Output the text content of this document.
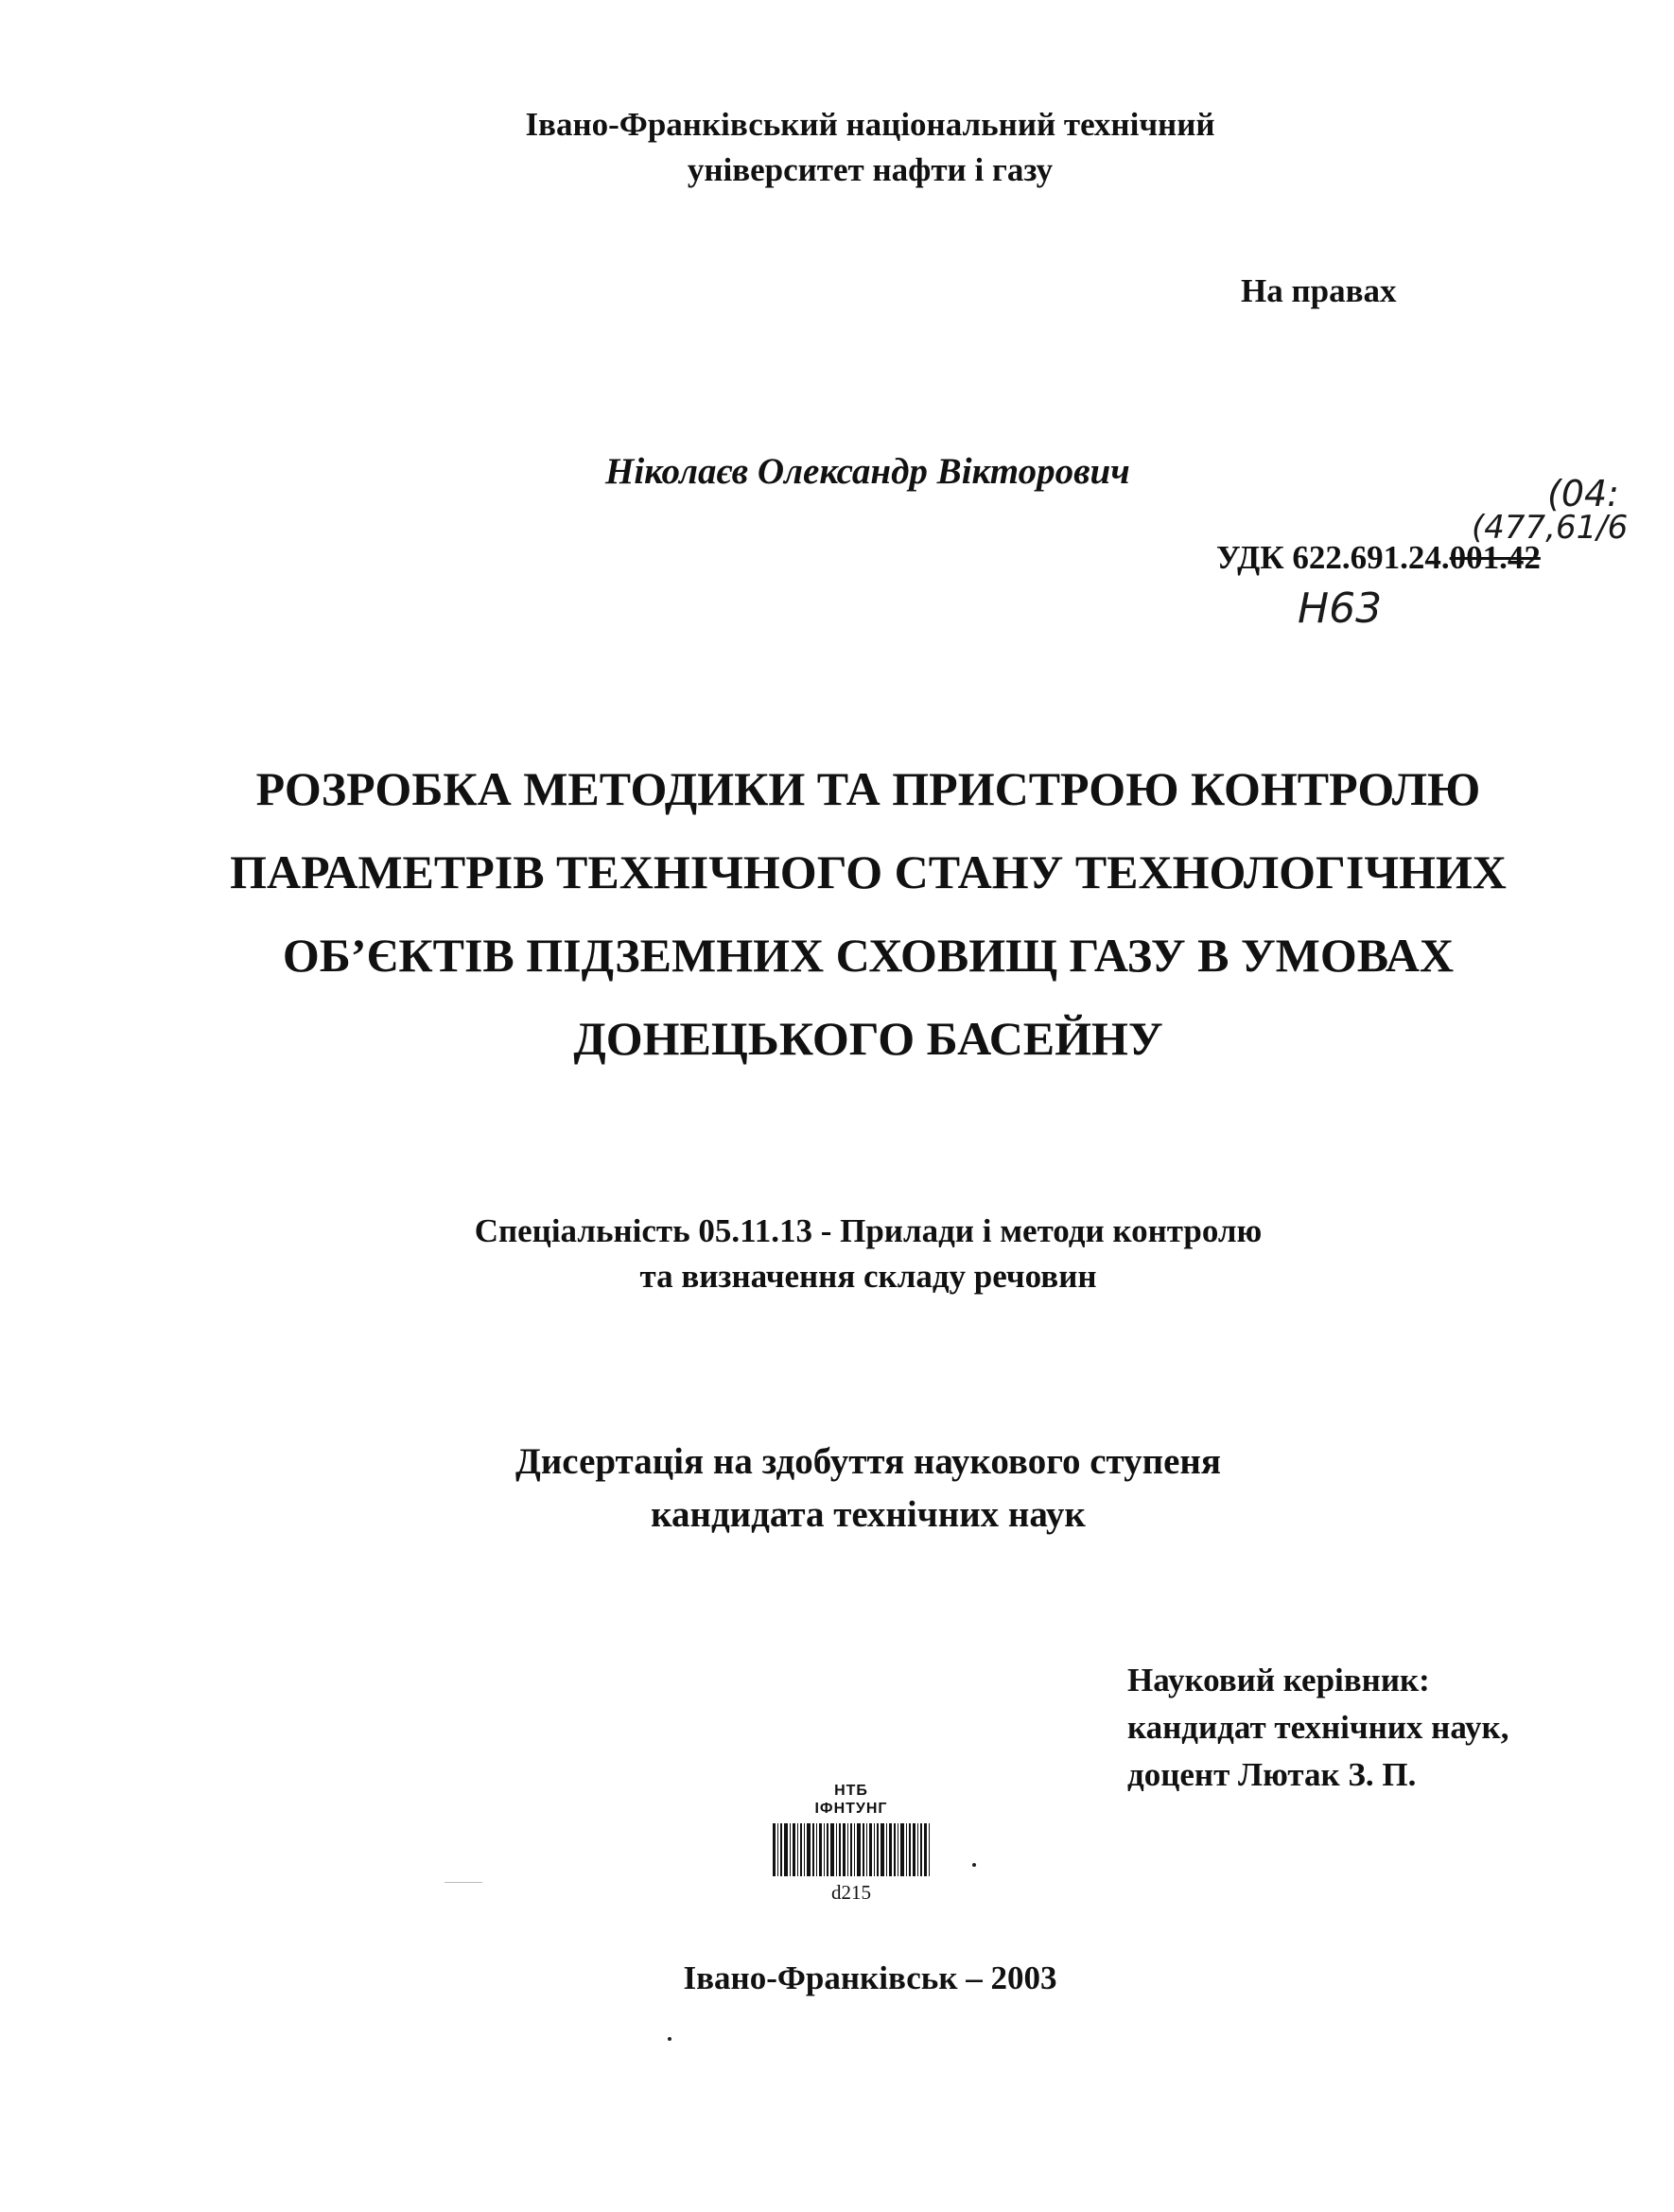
Івано-Франківський національний технічний
університет нафти і газу
На правах
Ніколаєв Олександр Вікторович
(04:
(477,61/6
УДК 622.691.24.001.42
Н63
РОЗРОБКА МЕТОДИКИ ТА ПРИСТРОЮ КОНТРОЛЮ
ПАРАМЕТРІВ ТЕХНІЧНОГО СТАНУ ТЕХНОЛОГІЧНИХ
ОБ’ЄКТІВ ПІДЗЕМНИХ СХОВИЩ ГАЗУ В УМОВАХ
ДОНЕЦЬКОГО БАСЕЙНУ
Спеціальність 05.11.13 - Прилади і методи контролю
та визначення складу речовин
Дисертація на здобуття наукового ступеня
кандидата технічних наук
Науковий керівник:
кандидат технічних наук,
доцент Лютак З. П.
НТБ
ІФНТУНГ
d215
Івано-Франківськ – 2003
